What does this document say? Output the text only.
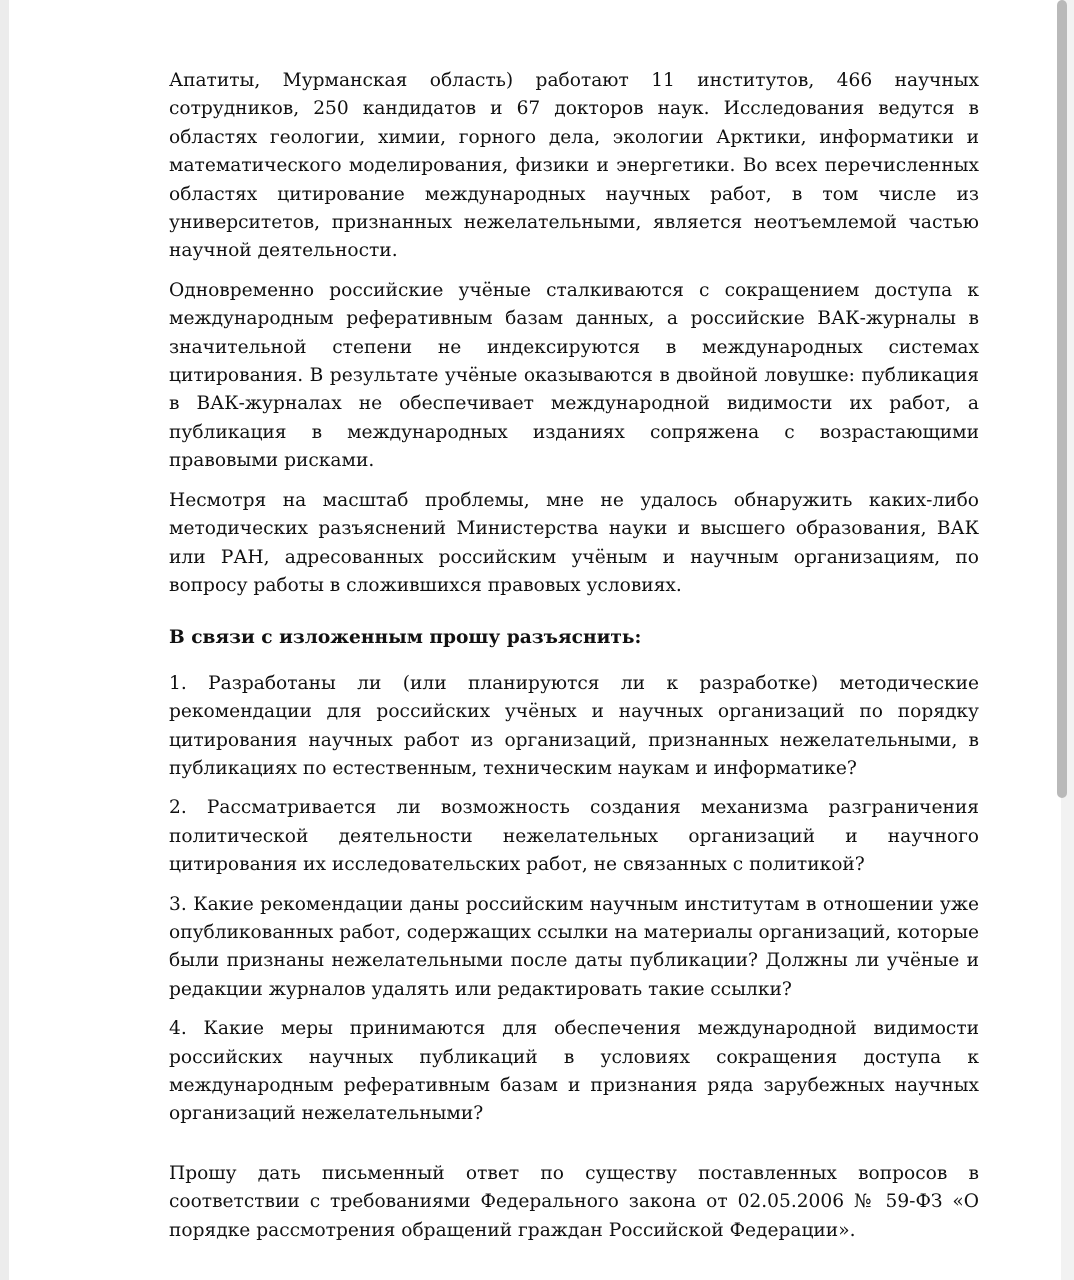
Апатиты, Мурманская область) работают 11 институтов, 466 научных сотрудников, 250 кандидатов и 67 докторов наук. Исследования ведутся в областях геологии, химии, горного дела, экологии Арктики, информатики и математического моделирования, физики и энергетики. Во всех перечисленных областях цитирование международных научных работ, в том числе из университетов, признанных нежелательными, является неотъемлемой частью научной деятельности.

Одновременно российские учёные сталкиваются с сокращением доступа к международным реферативным базам данных, а российские ВАК-журналы в значительной степени не индексируются в международных системах цитирования. В результате учёные оказываются в двойной ловушке: публикация в ВАК-журналах не обеспечивает международной видимости их работ, а публикация в международных изданиях сопряжена с возрастающими правовыми рисками.

Несмотря на масштаб проблемы, мне не удалось обнаружить каких-либо методических разъяснений Министерства науки и высшего образования, ВАК или РАН, адресованных российским учёным и научным организациям, по вопросу работы в сложившихся правовых условиях.

В связи с изложенным прошу разъяснить:

1. Разработаны ли (или планируются ли к разработке) методические рекомендации для российских учёных и научных организаций по порядку цитирования научных работ из организаций, признанных нежелательными, в публикациях по естественным, техническим наукам и информатике?

2. Рассматривается ли возможность создания механизма разграничения политической деятельности нежелательных организаций и научного цитирования их исследовательских работ, не связанных с политикой?

3. Какие рекомендации даны российским научным институтам в отношении уже опубликованных работ, содержащих ссылки на материалы организаций, которые были признаны нежелательными после даты публикации? Должны ли учёные и редакции журналов удалять или редактировать такие ссылки?

4. Какие меры принимаются для обеспечения международной видимости российских научных публикаций в условиях сокращения доступа к международным реферативным базам и признания ряда зарубежных научных организаций нежелательными?

Прошу дать письменный ответ по существу поставленных вопросов в соответствии с требованиями Федерального закона от 02.05.2006 № 59-ФЗ «О порядке рассмотрения обращений граждан Российской Федерации».
